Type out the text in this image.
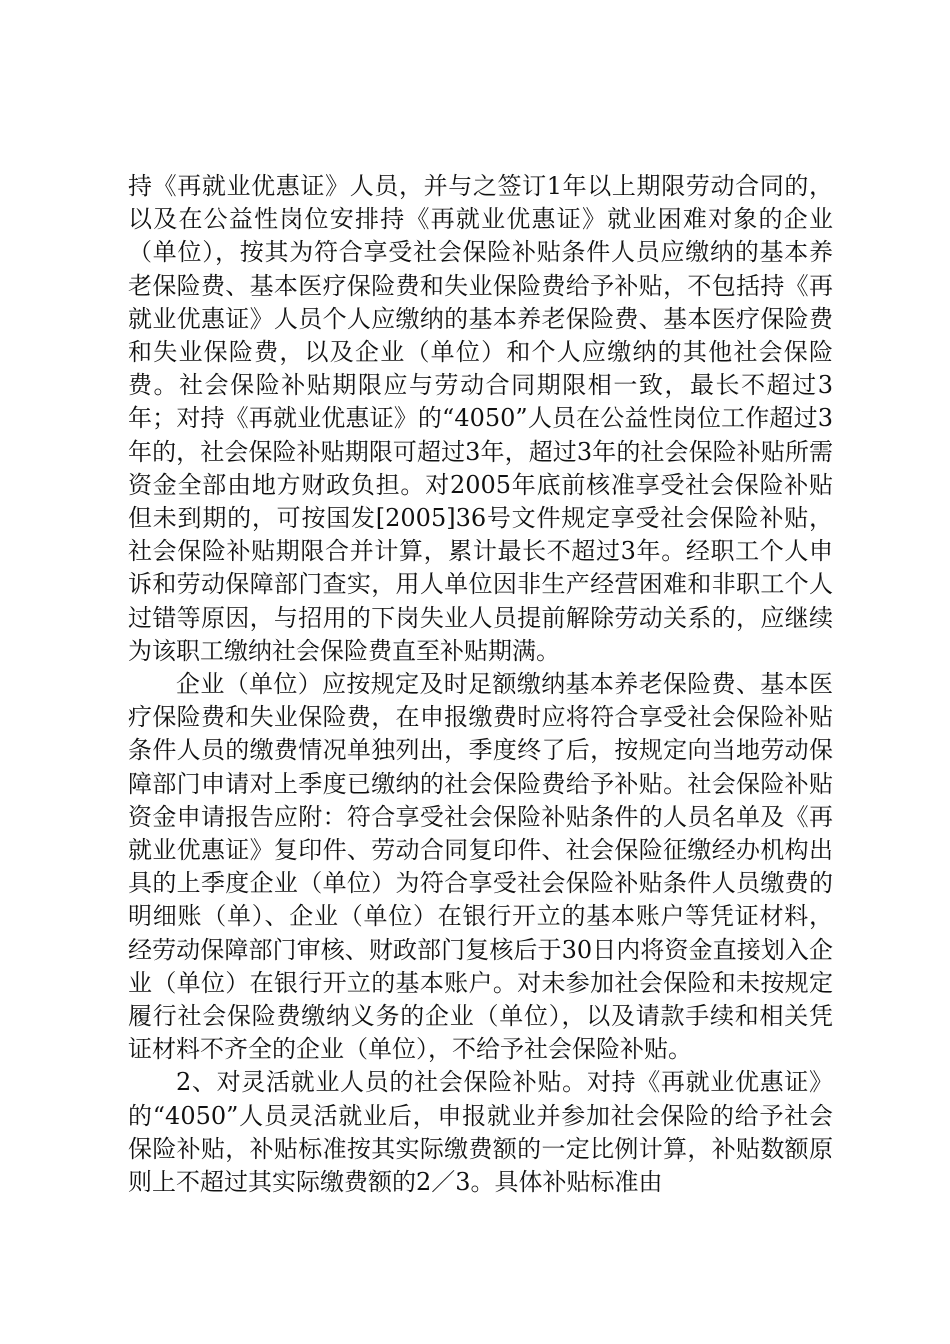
持《再就业优惠证》人员，并与之签订1年以上期限劳动合同的，以及在公益性岗位安排持《再就业优惠证》就业困难对象的企业（单位），按其为符合享受社会保险补贴条件人员应缴纳的基本养老保险费、基本医疗保险费和失业保险费给予补贴，不包括持《再就业优惠证》人员个人应缴纳的基本养老保险费、基本医疗保险费和失业保险费，以及企业（单位）和个人应缴纳的其他社会保险费。社会保险补贴期限应与劳动合同期限相一致，最长不超过3年；对持《再就业优惠证》的“4050”人员在公益性岗位工作超过3年的，社会保险补贴期限可超过3年，超过3年的社会保险补贴所需资金全部由地方财政负担。对2005年底前核准享受社会保险补贴但未到期的，可按国发[2005]36号文件规定享受社会保险补贴，社会保险补贴期限合并计算，累计最长不超过3年。经职工个人申诉和劳动保障部门查实，用人单位因非生产经营困难和非职工个人过错等原因，与招用的下岗失业人员提前解除劳动关系的，应继续为该职工缴纳社会保险费直至补贴期满。

企业（单位）应按规定及时足额缴纳基本养老保险费、基本医疗保险费和失业保险费，在申报缴费时应将符合享受社会保险补贴条件人员的缴费情况单独列出，季度终了后，按规定向当地劳动保障部门申请对上季度已缴纳的社会保险费给予补贴。社会保险补贴资金申请报告应附：符合享受社会保险补贴条件的人员名单及《再就业优惠证》复印件、劳动合同复印件、社会保险征缴经办机构出具的上季度企业（单位）为符合享受社会保险补贴条件人员缴费的明细账（单）、企业（单位）在银行开立的基本账户等凭证材料，经劳动保障部门审核、财政部门复核后于30日内将资金直接划入企业（单位）在银行开立的基本账户。对未参加社会保险和未按规定履行社会保险费缴纳义务的企业（单位），以及请款手续和相关凭证材料不齐全的企业（单位），不给予社会保险补贴。

2、对灵活就业人员的社会保险补贴。对持《再就业优惠证》的“4050”人员灵活就业后，申报就业并参加社会保险的给予社会保险补贴，补贴标准按其实际缴费额的一定比例计算，补贴数额原则上不超过其实际缴费额的2／3。具体补贴标准由
